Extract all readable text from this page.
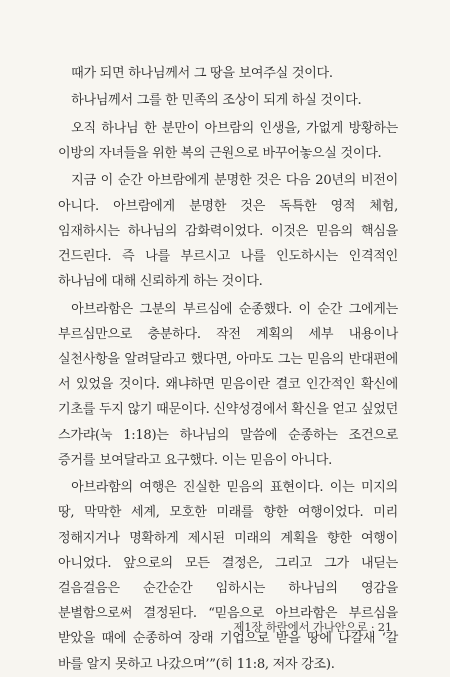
때가 되면 하나님께서 그 땅을 보여주실 것이다.

하나님께서 그를 한 민족의 조상이 되게 하실 것이다.

오직 하나님 한 분만이 아브람의 인생을, 가없게 방황하는 이방의 자녀들을 위한 복의 근원으로 바꾸어놓으실 것이다.

지금 이 순간 아브람에게 분명한 것은 다음 20년의 비전이 아니다. 아브람에게 분명한 것은 독특한 영적 체험, 임재하시는 하나님의 감화력이었다. 이것은 믿음의 핵심을 건드린다. 즉 나를 부르시고 나를 인도하시는 인격적인 하나님에 대해 신뢰하게 하는 것이다.

아브라함은 그분의 부르심에 순종했다. 이 순간 그에게는 부르심만으로 충분하다. 작전 계획의 세부 내용이나 실천사항을 알려달라고 했다면, 아마도 그는 믿음의 반대편에 서 있었을 것이다. 왜냐하면 믿음이란 결코 인간적인 확신에 기초를 두지 않기 때문이다. 신약성경에서 확신을 얻고 싶었던 스가랴(눅 1:18)는 하나님의 말씀에 순종하는 조건으로 증거를 보여달라고 요구했다. 이는 믿음이 아니다.

아브라함의 여행은 진실한 믿음의 표현이다. 이는 미지의 땅, 막막한 세계, 모호한 미래를 향한 여행이었다. 미리 정해지거나 명확하게 제시된 미래의 계획을 향한 여행이 아니었다. 앞으로의 모든 결정은, 그리고 그가 내딛는 걸음걸음은 순간순간 임하시는 하나님의 영감을 분별함으로써 결정된다. “믿음으로 아브라함은 부르심을 받았을 때에 순종하여 장래 기업으로 받을 땅에 나갈새 ‘갈 바를 알지 못하고 나갔으며’”(히 11:8, 저자 강조).

제1장 하란에서 가나안으로 · 21
